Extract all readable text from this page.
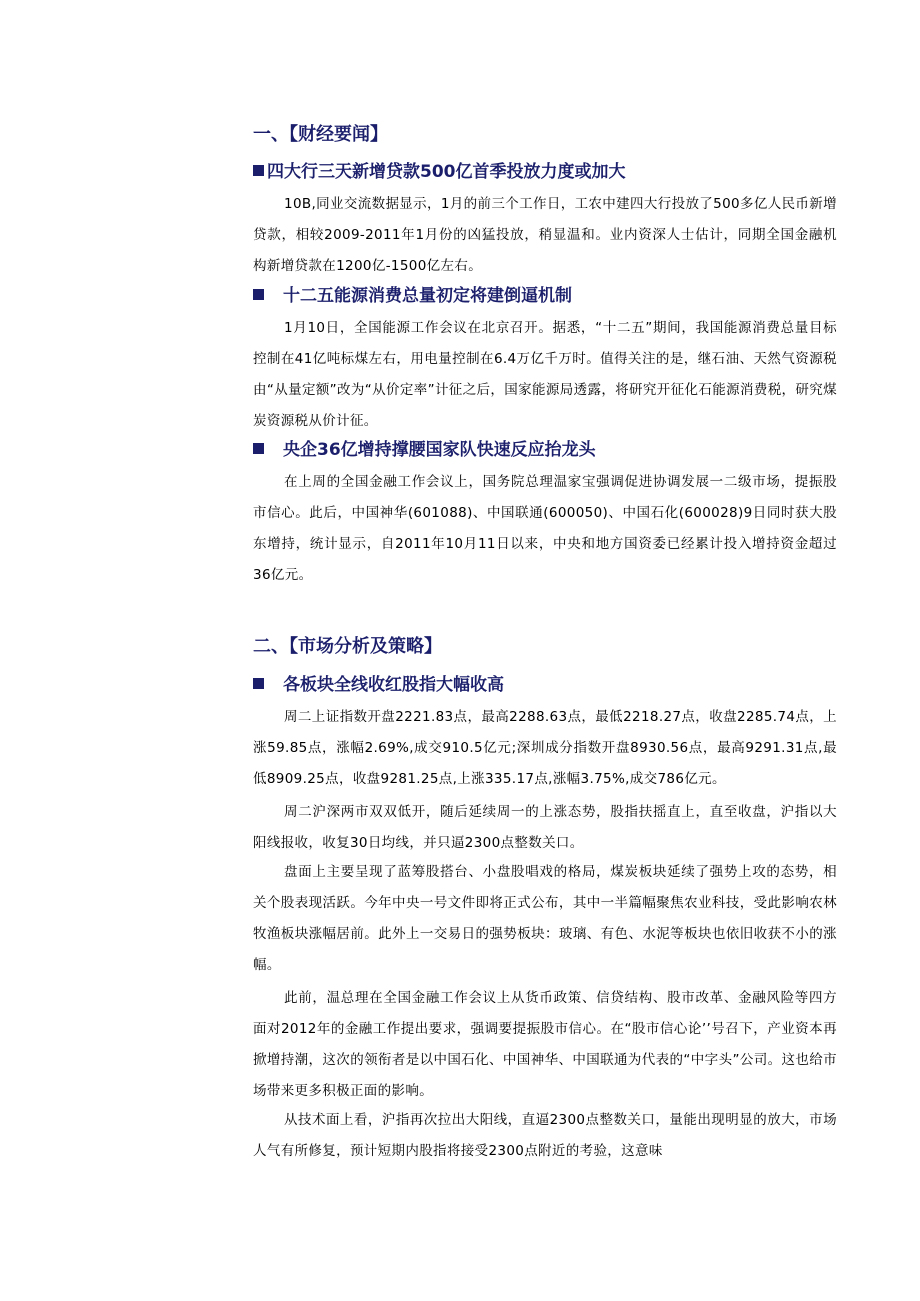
一、【财经要闻】
四大行三天新增贷款500亿首季投放力度或加大

10B,同业交流数据显示，1月的前三个工作日，工农中建四大行投放了500多亿人民币新增贷款，相较2009-2011年1月份的凶猛投放，稍显温和。业内资深人士估计，同期全国金融机构新增贷款在1200亿-1500亿左右。

十二五能源消费总量初定将建倒逼机制

1月10日，全国能源工作会议在北京召开。据悉，“十二五”期间，我国能源消费总量目标控制在41亿吨标煤左右，用电量控制在6.4万亿千万时。值得关注的是，继石油、天然气资源税由“从量定额”改为“从价定率”计征之后，国家能源局透露，将研究开征化石能源消费税，研究煤炭资源税从价计征。

央企36亿增持撑腰国家队快速反应抬龙头

在上周的全国金融工作会议上，国务院总理温家宝强调促进协调发展一二级市场，提振股市信心。此后，中国神华(601088)、中国联通(600050)、中国石化(600028)9日同时获大股东增持，统计显示，自2011年10月11日以来，中央和地方国资委已经累计投入增持资金超过36亿元。

二、【市场分析及策略】
各板块全线收红股指大幅收高

周二上证指数开盘2221.83点，最高2288.63点，最低2218.27点，收盘2285.74点，上涨59.85点，涨幅2.69%,成交910.5亿元;深圳成分指数开盘8930.56点，最高9291.31点,最低8909.25点，收盘9281.25点,上涨335.17点,涨幅3.75%,成交786亿元。

周二沪深两市双双低开，随后延续周一的上涨态势，股指扶摇直上，直至收盘，沪指以大阳线报收，收复30日均线，并只逼2300点整数关口。

盘面上主要呈现了蓝筹股搭台、小盘股唱戏的格局，煤炭板块延续了强势上攻的态势，相关个股表现活跃。今年中央一号文件即将正式公布，其中一半篇幅聚焦农业科技，受此影响农林牧渔板块涨幅居前。此外上一交易日的强势板块：玻璃、有色、水泥等板块也依旧收获不小的涨幅。

此前，温总理在全国金融工作会议上从货币政策、信贷结构、股市改革、金融风险等四方面对2012年的金融工作提出要求，强调要提振股市信心。在“股市信心论’’号召下，产业资本再掀增持潮，这次的领衔者是以中国石化、中国神华、中国联通为代表的“中字头”公司。这也给市场带来更多积极正面的影响。

从技术面上看，沪指再次拉出大阳线，直逼2300点整数关口，量能出现明显的放大，市场人气有所修复，预计短期内股指将接受2300点附近的考验，这意味
